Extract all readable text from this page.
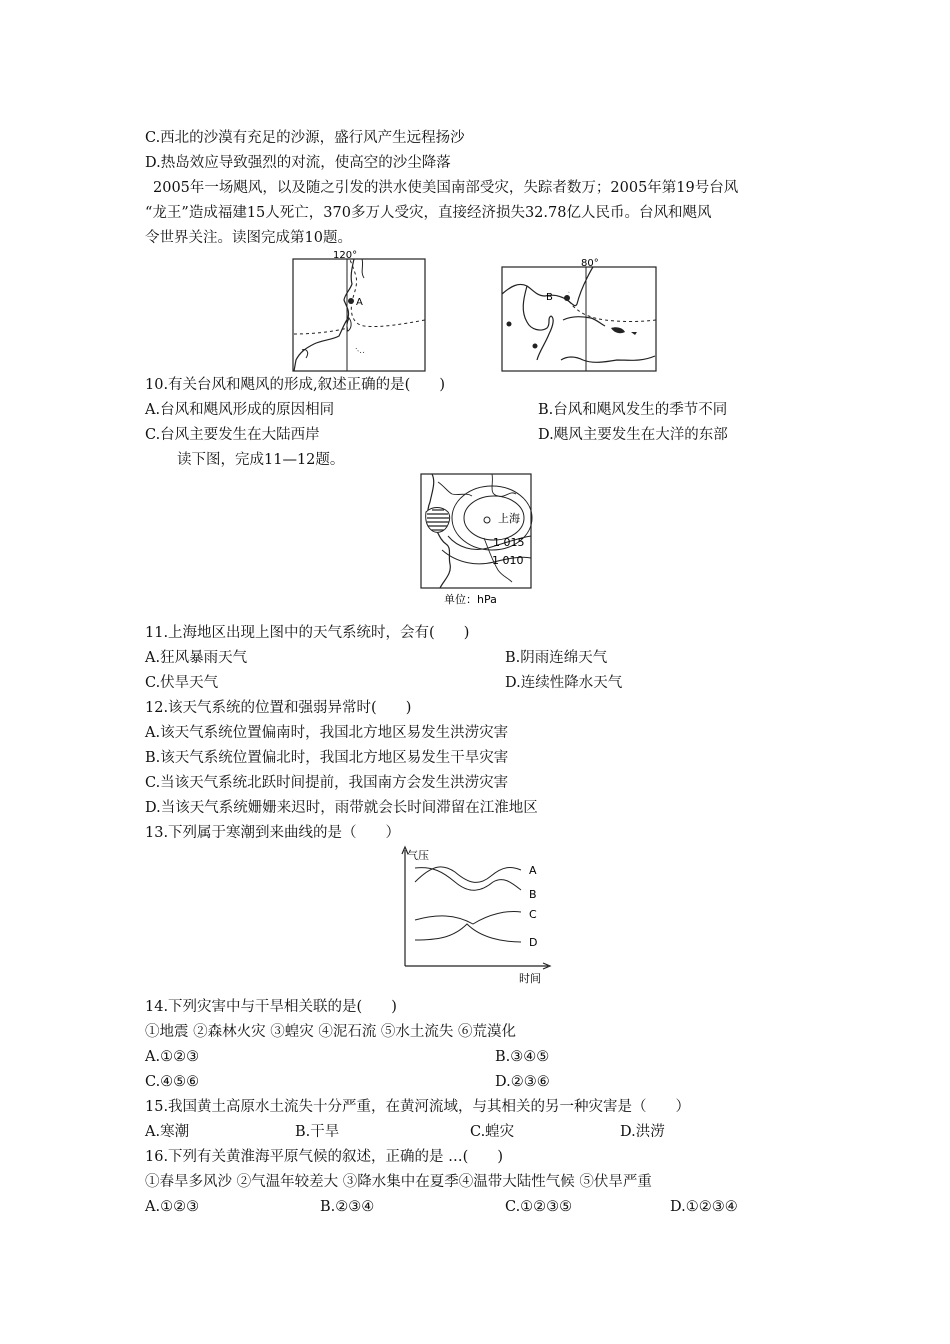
C.西北的沙漠有充足的沙源，盛行风产生远程扬沙
D.热岛效应导致强烈的对流，使高空的沙尘降落
2005年一场飓风，以及随之引发的洪水使美国南部受灾，失踪者数万；2005年第19号台风
“龙王”造成福建15人死亡，370多万人受灾，直接经济损失32.78亿人民币。台风和飓风
令世界关注。读图完成第10题。
120°
A
80°
B
10.有关台风和飓风的形成,叙述正确的是(　　)
A.台风和飓风形成的原因相同	B.台风和飓风发生的季节不同
C.台风主要发生在大陆西岸	D.飓风主要发生在大洋的东部
读下图，完成11—12题。
上海
1 015
1 010
单位：hPa
11.上海地区出现上图中的天气系统时，会有(　　)
A.狂风暴雨天气	B.阴雨连绵天气
C.伏旱天气	D.连续性降水天气
12.该天气系统的位置和强弱异常时(　　)
A.该天气系统位置偏南时，我国北方地区易发生洪涝灾害
B.该天气系统位置偏北时，我国北方地区易发生干旱灾害
C.当该天气系统北跃时间提前，我国南方会发生洪涝灾害
D.当该天气系统姗姗来迟时，雨带就会长时间滞留在江淮地区
13.下列属于寒潮到来曲线的是（　　）
气压
时间
A
B
C
D
14.下列灾害中与干旱相关联的是(　　)
①地震 ②森林火灾 ③蝗灾 ④泥石流 ⑤水土流失 ⑥荒漠化
A.①②③	B.③④⑤
C.④⑤⑥	D.②③⑥
15.我国黄土高原水土流失十分严重，在黄河流域，与其相关的另一种灾害是（　　）
A.寒潮	B.干旱	C.蝗灾	D.洪涝
16.下列有关黄淮海平原气候的叙述，正确的是 …(　　)
①春旱多风沙 ②气温年较差大 ③降水集中在夏季④温带大陆性气候 ⑤伏旱严重
A.①②③	B.②③④	C.①②③⑤	D.①②③④
